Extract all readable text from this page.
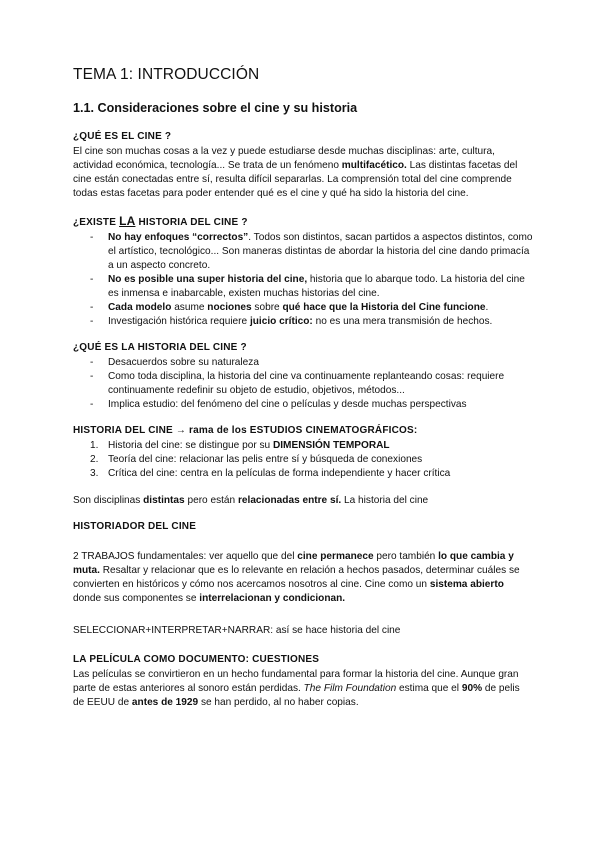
TEMA 1: INTRODUCCIÓN
1.1. Consideraciones sobre el cine y su historia
¿QUÉ ES EL CINE ?

El cine son muchas cosas a la vez y puede estudiarse desde muchas disciplinas: arte, cultura, actividad económica, tecnología... Se trata de un fenómeno multifacético. Las distintas facetas del cine están conectadas entre sí, resulta difícil separarlas. La comprensión total del cine comprende todas estas facetas para poder entender qué es el cine y qué ha sido la historia del cine.

¿EXISTE LA HISTORIA DEL CINE ?
- No hay enfoques “correctos”. Todos son distintos, sacan partidos a aspectos distintos, como el artístico, tecnológico... Son maneras distintas de abordar la historia del cine dando primacía a un aspecto concreto.
- No es posible una super historia del cine, historia que lo abarque todo. La historia del cine es inmensa e inabarcable, existen muchas historias del cine.
- Cada modelo asume nociones sobre qué hace que la Historia del Cine funcione.
- Investigación histórica requiere juicio crítico: no es una mera transmisión de hechos.
¿QUÉ ES LA HISTORIA DEL CINE ?
- Desacuerdos sobre su naturaleza
- Como toda disciplina, la historia del cine va continuamente replanteando cosas: requiere continuamente redefinir su objeto de estudio, objetivos, métodos...
- Implica estudio: del fenómeno del cine o películas y desde muchas perspectivas
HISTORIA DEL CINE → rama de los ESTUDIOS CINEMATOGRÁFICOS:
1. Historia del cine: se distingue por su DIMENSIÓN TEMPORAL
2. Teoría del cine: relacionar las pelis entre sí y búsqueda de conexiones
3. Crítica del cine: centra en la películas de forma independiente y hacer crítica

Son disciplinas distintas pero están relacionadas entre sí. La historia del cine

HISTORIADOR DEL CINE

2 TRABAJOS fundamentales: ver aquello que del cine permanece pero también lo que cambia y muta. Resaltar y relacionar que es lo relevante en relación a hechos pasados, determinar cuáles se convierten en históricos y cómo nos acercamos nosotros al cine. Cine como un sistema abierto donde sus componentes se interrelacionan y condicionan.

SELECCIONAR+INTERPRETAR+NARRAR: así se hace historia del cine

LA PELÍCULA COMO DOCUMENTO: CUESTIONES

Las películas se convirtieron en un hecho fundamental para formar la historia del cine. Aunque gran parte de estas anteriores al sonoro están perdidas. The Film Foundation estima que el 90% de pelis de EEUU de antes de 1929 se han perdido, al no haber copias.
